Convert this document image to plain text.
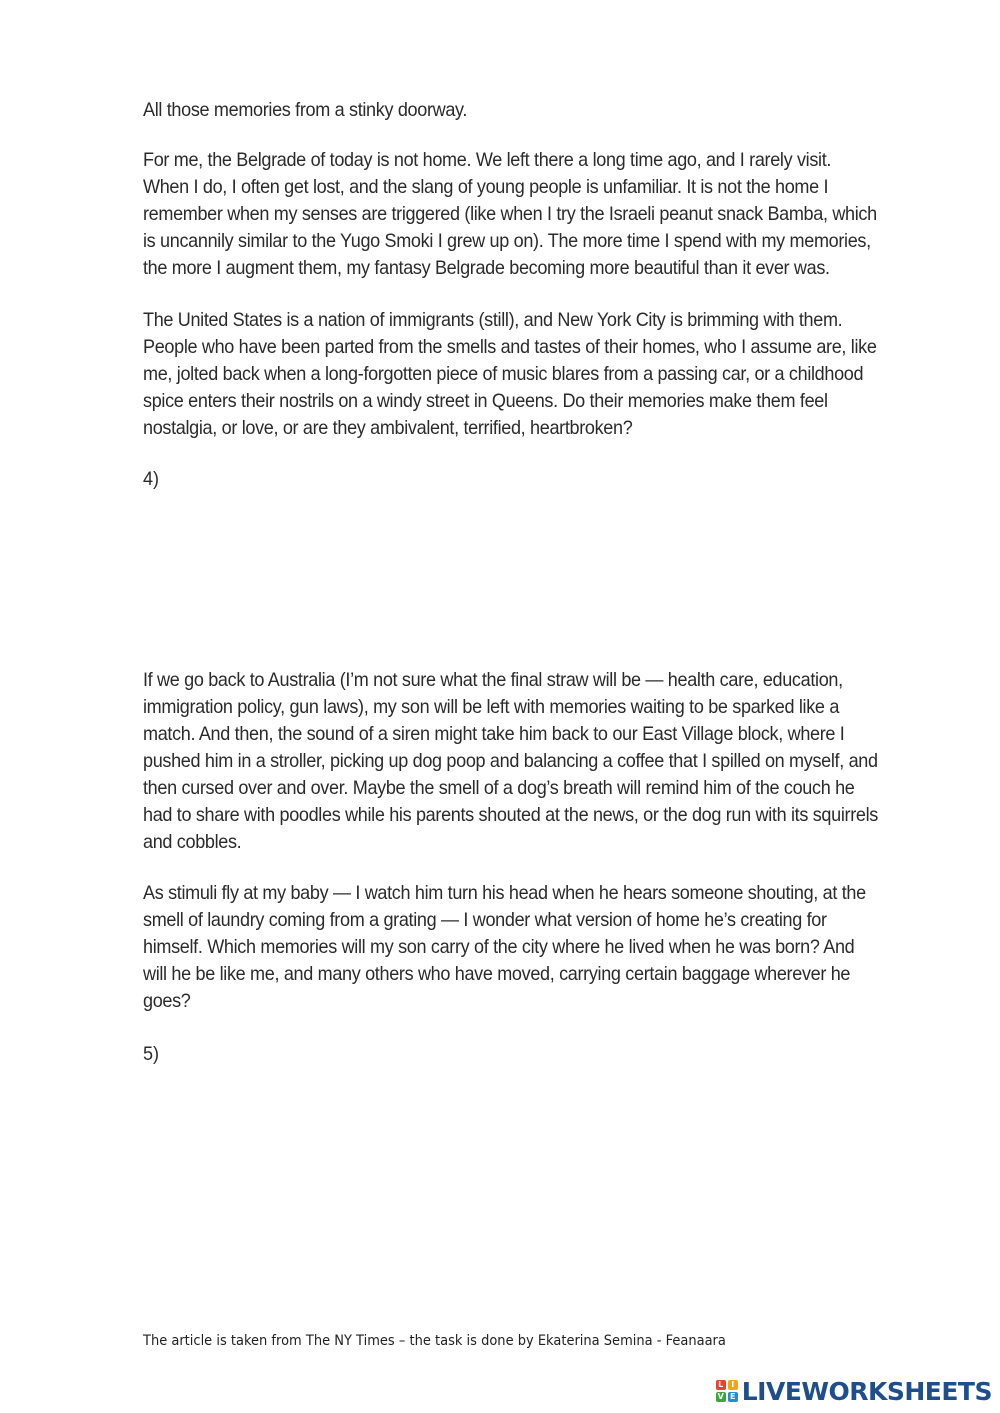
All those memories from a stinky doorway.

For me, the Belgrade of today is not home. We left there a long time ago, and I rarely visit.
When I do, I often get lost, and the slang of young people is unfamiliar. It is not the home I
remember when my senses are triggered (like when I try the Israeli peanut snack Bamba, which
is uncannily similar to the Yugo Smoki I grew up on). The more time I spend with my memories,
the more I augment them, my fantasy Belgrade becoming more beautiful than it ever was.

The United States is a nation of immigrants (still), and New York City is brimming with them.
People who have been parted from the smells and tastes of their homes, who I assume are, like
me, jolted back when a long-forgotten piece of music blares from a passing car, or a childhood
spice enters their nostrils on a windy street in Queens. Do their memories make them feel
nostalgia, or love, or are they ambivalent, terrified, heartbroken?

4)

If we go back to Australia (I’m not sure what the final straw will be — health care, education,
immigration policy, gun laws), my son will be left with memories waiting to be sparked like a
match. And then, the sound of a siren might take him back to our East Village block, where I
pushed him in a stroller, picking up dog poop and balancing a coffee that I spilled on myself, and
then cursed over and over. Maybe the smell of a dog’s breath will remind him of the couch he
had to share with poodles while his parents shouted at the news, or the dog run with its squirrels
and cobbles.

As stimuli fly at my baby — I watch him turn his head when he hears someone shouting, at the
smell of laundry coming from a grating — I wonder what version of home he’s creating for
himself. Which memories will my son carry of the city where he lived when he was born? And
will he be like me, and many others who have moved, carrying certain baggage wherever he
goes?

5)

The article is taken from The NY Times – the task is done by Ekaterina Semina - Feanaara

L I
V E LIVEWORKSHEETS
